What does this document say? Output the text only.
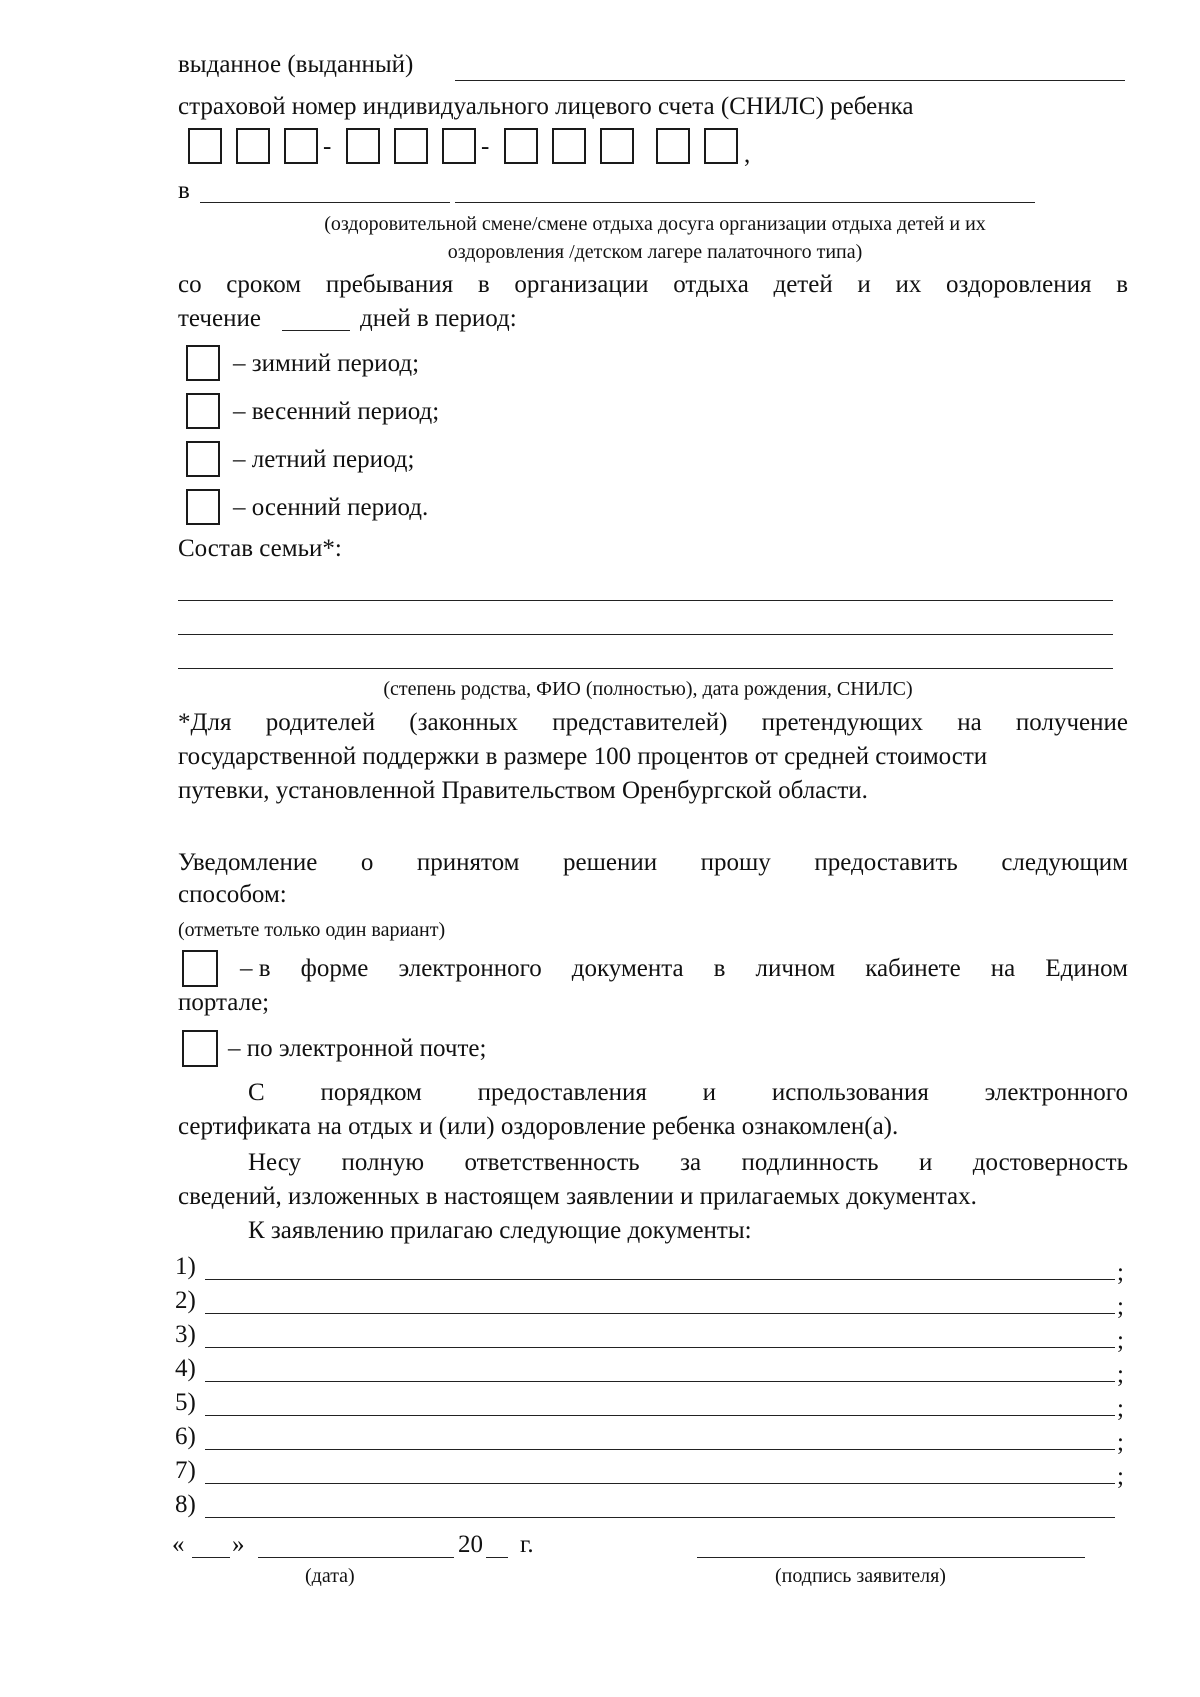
выданное (выданный)
страховой номер индивидуального лицевого счета (СНИЛС) ребенка
-	-	,
в
(оздоровительной смене/смене отдыха досуга организации отдыха детей и их
оздоровления /детском лагере палаточного типа)
со сроком пребывания в организации отдыха детей и их оздоровления в
течение	дней в период:
– зимний период;
– весенний период;
– летний период;
– осенний период.
Состав семьи*:
(степень родства, ФИО (полностью), дата рождения, СНИЛС)
*Для родителей (законных представителей) претендующих на получение
государственной поддержки в размере 100 процентов от средней стоимости
путевки, установленной Правительством Оренбургской области.
Уведомление о принятом решении прошу предоставить следующим
способом:
(отметьте только один вариант)
– в форме электронного документа в личном кабинете на Едином
портале;
– по электронной почте;
С порядком предоставления и использования электронного
сертификата на отдых и (или) оздоровление ребенка ознакомлен(а).
Несу полную ответственность за подлинность и достоверность
сведений, изложенных в настоящем заявлении и прилагаемых документах.
К заявлению прилагаю следующие документы:
1)	;
2)	;
3)	;
4)	;
5)	;
6)	;
7)	;
8)
« »	20 г.
(дата)	(подпись заявителя)
